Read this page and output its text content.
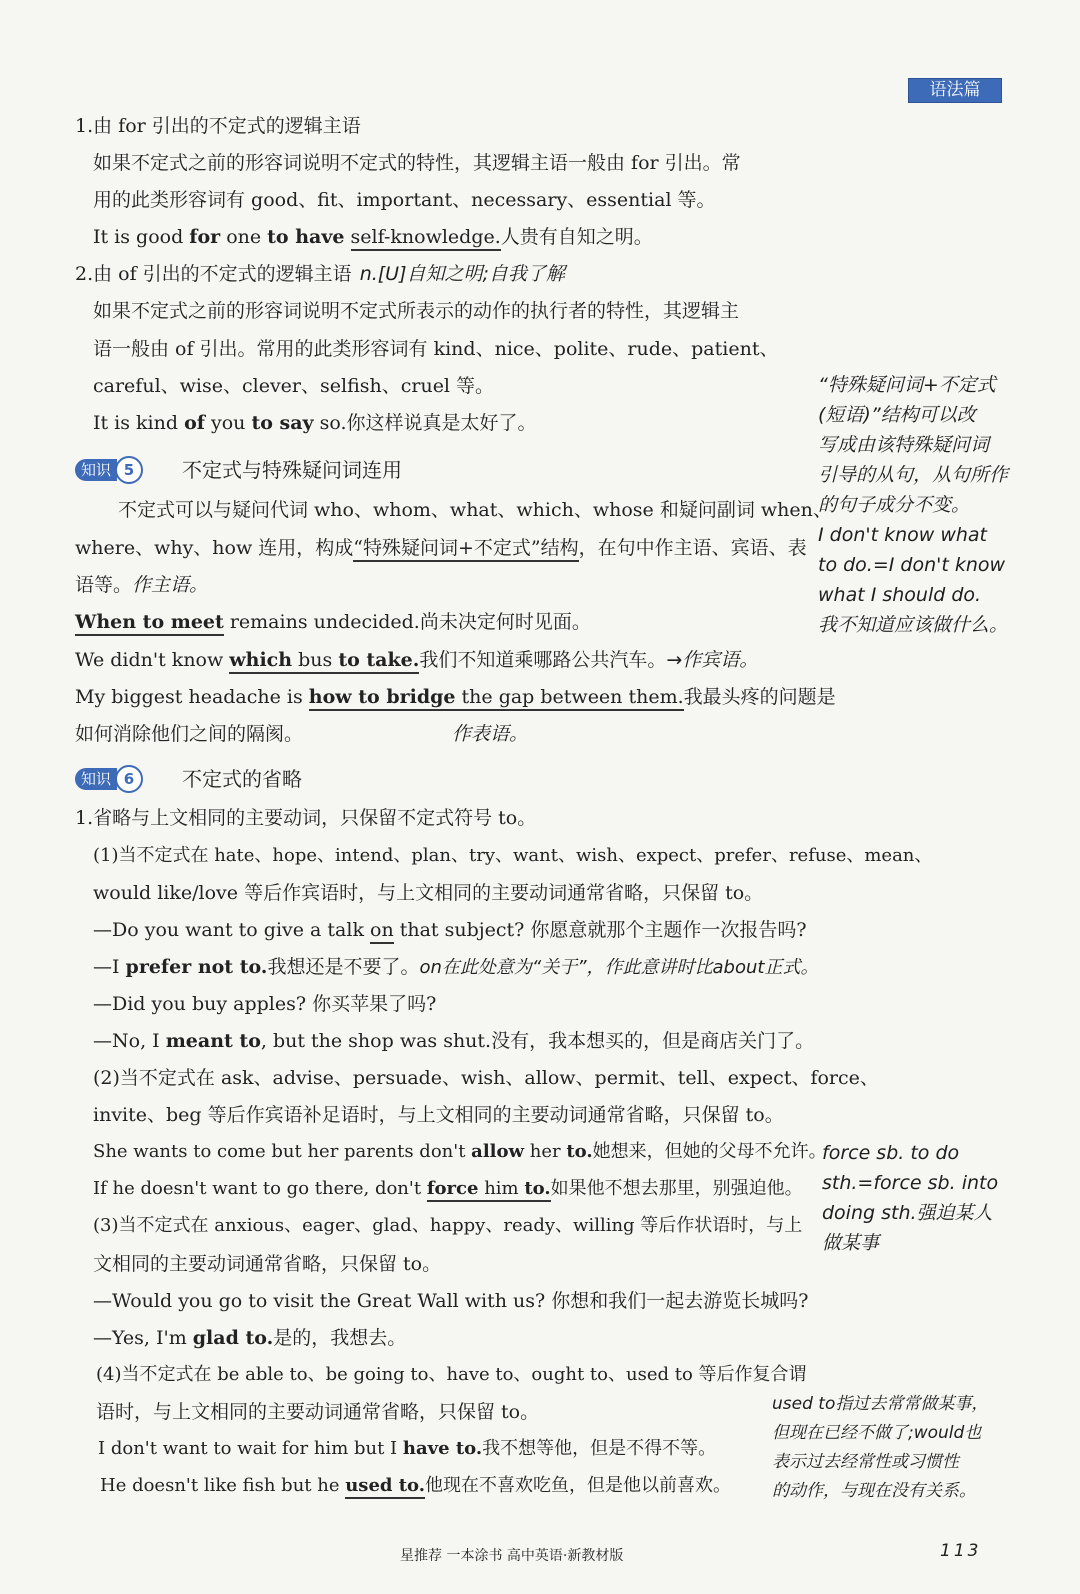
语法篇
1.由 for 引出的不定式的逻辑主语
如果不定式之前的形容词说明不定式的特性，其逻辑主语一般由 for 引出。常
用的此类形容词有 good、fit、important、necessary、essential 等。
It is good for one to have self-knowledge.人贵有自知之明。
2.由 of 引出的不定式的逻辑主语 n.[U]自知之明;自我了解
如果不定式之前的形容词说明不定式所表示的动作的执行者的特性，其逻辑主
语一般由 of 引出。常用的此类形容词有 kind、nice、polite、rude、patient、
careful、wise、clever、selfish、cruel 等。
It is kind of you to say so.你这样说真是太好了。
“特殊疑问词+不定式
(短语)”结构可以改
写成由该特殊疑问词
引导的从句，从句所作
的句子成分不变。
I don't know what
to do.=I don't know
what I should do.
我不知道应该做什么。
知识 5	不定式与特殊疑问词连用
不定式可以与疑问代词 who、whom、what、which、whose 和疑问副词 when、
where、why、how 连用，构成“特殊疑问词+不定式”结构，在句中作主语、宾语、表
语等。作主语。
When to meet remains undecided.尚未决定何时见面。
We didn't know which bus to take.我们不知道乘哪路公共汽车。→作宾语。
My biggest headache is how to bridge the gap between them.我最头疼的问题是
如何消除他们之间的隔阂。	作表语。
知识 6	不定式的省略
1.省略与上文相同的主要动词，只保留不定式符号 to。
(1)当不定式在 hate、hope、intend、plan、try、want、wish、expect、prefer、refuse、mean、
would like/love 等后作宾语时，与上文相同的主要动词通常省略，只保留 to。
—Do you want to give a talk on that subject? 你愿意就那个主题作一次报告吗?
—I prefer not to.我想还是不要了。on在此处意为“关于”，作此意讲时比about正式。
—Did you buy apples? 你买苹果了吗?
—No, I meant to, but the shop was shut.没有，我本想买的，但是商店关门了。
(2)当不定式在 ask、advise、persuade、wish、allow、permit、tell、expect、force、
invite、beg 等后作宾语补足语时，与上文相同的主要动词通常省略，只保留 to。
She wants to come but her parents don't allow her to.她想来，但她的父母不允许。
If he doesn't want to go there, don't force him to.如果他不想去那里，别强迫他。
force sb. to do
sth.=force sb. into
doing sth.强迫某人
做某事
(3)当不定式在 anxious、eager、glad、happy、ready、willing 等后作状语时，与上
文相同的主要动词通常省略，只保留 to。
—Would you go to visit the Great Wall with us? 你想和我们一起去游览长城吗?
—Yes, I'm glad to.是的，我想去。
(4)当不定式在 be able to、be going to、have to、ought to、used to 等后作复合谓
语时，与上文相同的主要动词通常省略，只保留 to。
I don't want to wait for him but I have to.我不想等他，但是不得不等。
He doesn't like fish but he used to.他现在不喜欢吃鱼，但是他以前喜欢。
used to指过去常常做某事，
但现在已经不做了;would也
表示过去经常性或习惯性
的动作，与现在没有关系。
星推荐 一本涂书 高中英语·新教材版	113
